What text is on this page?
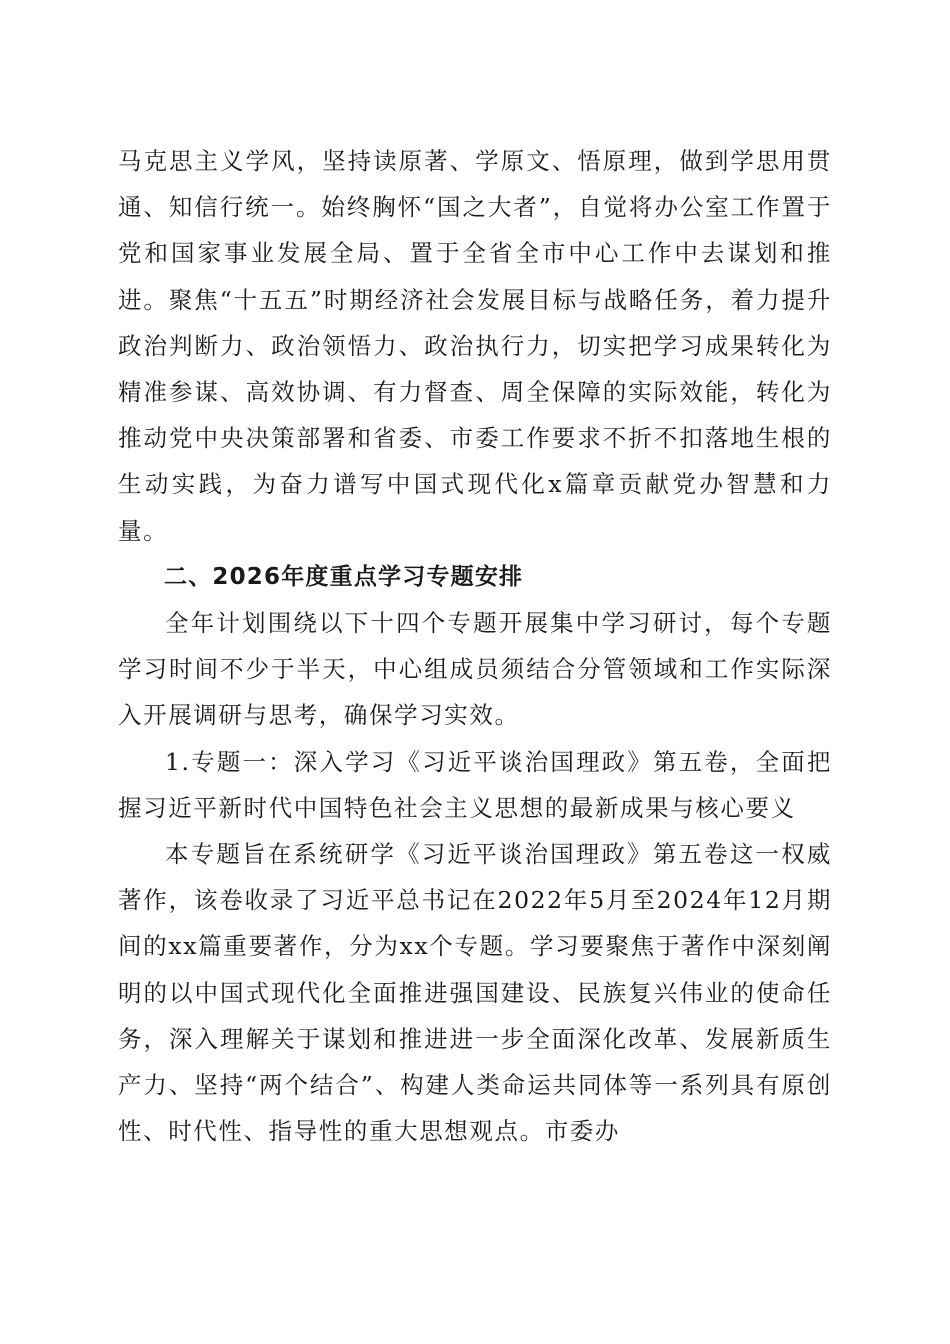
马克思主义学风，坚持读原著、学原文、悟原理，做到学思用贯通、知信行统一。始终胸怀“国之大者”，自觉将办公室工作置于党和国家事业发展全局、置于全省全市中心工作中去谋划和推进。聚焦“十五五”时期经济社会发展目标与战略任务，着力提升政治判断力、政治领悟力、政治执行力，切实把学习成果转化为精准参谋、高效协调、有力督查、周全保障的实际效能，转化为推动党中央决策部署和省委、市委工作要求不折不扣落地生根的生动实践，为奋力谱写中国式现代化x篇章贡献党办智慧和力量。

二、2026年度重点学习专题安排

全年计划围绕以下十四个专题开展集中学习研讨，每个专题学习时间不少于半天，中心组成员须结合分管领域和工作实际深入开展调研与思考，确保学习实效。

1.专题一：深入学习《习近平谈治国理政》第五卷，全面把握习近平新时代中国特色社会主义思想的最新成果与核心要义

本专题旨在系统研学《习近平谈治国理政》第五卷这一权威著作，该卷收录了习近平总书记在2022年5月至2024年12月期间的xx篇重要著作，分为xx个专题。学习要聚焦于著作中深刻阐明的以中国式现代化全面推进强国建设、民族复兴伟业的使命任务，深入理解关于谋划和推进进一步全面深化改革、发展新质生产力、坚持“两个结合”、构建人类命运共同体等一系列具有原创性、时代性、指导性的重大思想观点。市委办
